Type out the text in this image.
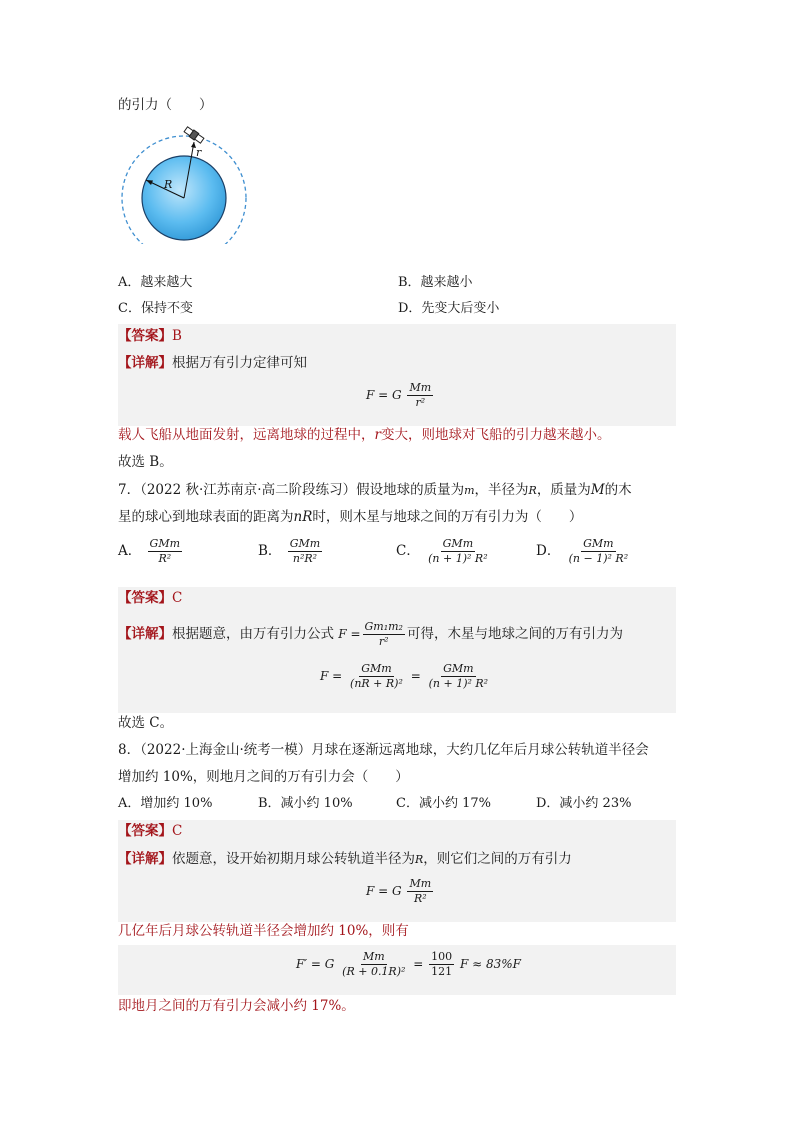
的引力（　　）
R
r
A．越来越大	B．越来越小
C．保持不变	D．先变大后变小
【答案】B
【详解】根据万有引力定律可知
F = G $\frac{Mm}{\text{r²}}$
载人飞船从地面发射，远离地球的过程中，r变大，则地球对飞船的引力越来越小。
故选 B。
7．（2022 秋·江苏南京·高二阶段练习）假设地球的质量为m，半径为R，质量为M的木
星的球心到地球表面的距离为nR时，则木星与地球之间的万有引力为（　　）
A． $\frac{\text{GMm}}{\text{R²}}$	B． $\frac{\text{GMm}}{\text{n²R²}}$	C． $\frac{\text{GMm}}{\text{(n + 1)² R²}}$	D． $\frac{\text{GMm}}{\text{(n − 1)² R²}}$
【答案】C
【详解】根据题意，由万有引力公式 $F = \frac{\text{Gm₁m₂}}{\text{r²}}$ 可得，木星与地球之间的万有引力为
$F = \frac{\text{GMm}}{\text{(nR + R)²}} = \frac{\text{GMm}}{\text{(n + 1)² R²}}$
故选 C。
8．（2022·上海金山·统考一模）月球在逐渐远离地球，大约几亿年后月球公转轨道半径会
增加约 10%，则地月之间的万有引力会（　　）
A．增加约 10%	B．减小约 10%	C．减小约 17%	D．减小约 23%
【答案】C
【详解】依题意，设开始初期月球公转轨道半径为R，则它们之间的万有引力
F = G $\frac{Mm}{\text{R²}}$
几亿年后月球公转轨道半径会增加约 10%，则有
F′ = G $\frac{Mm}{\text{(R + 0.1R)²}} = \frac{100}{121}$ F ≈ 83%F
即地月之间的万有引力会减小约 17%。
